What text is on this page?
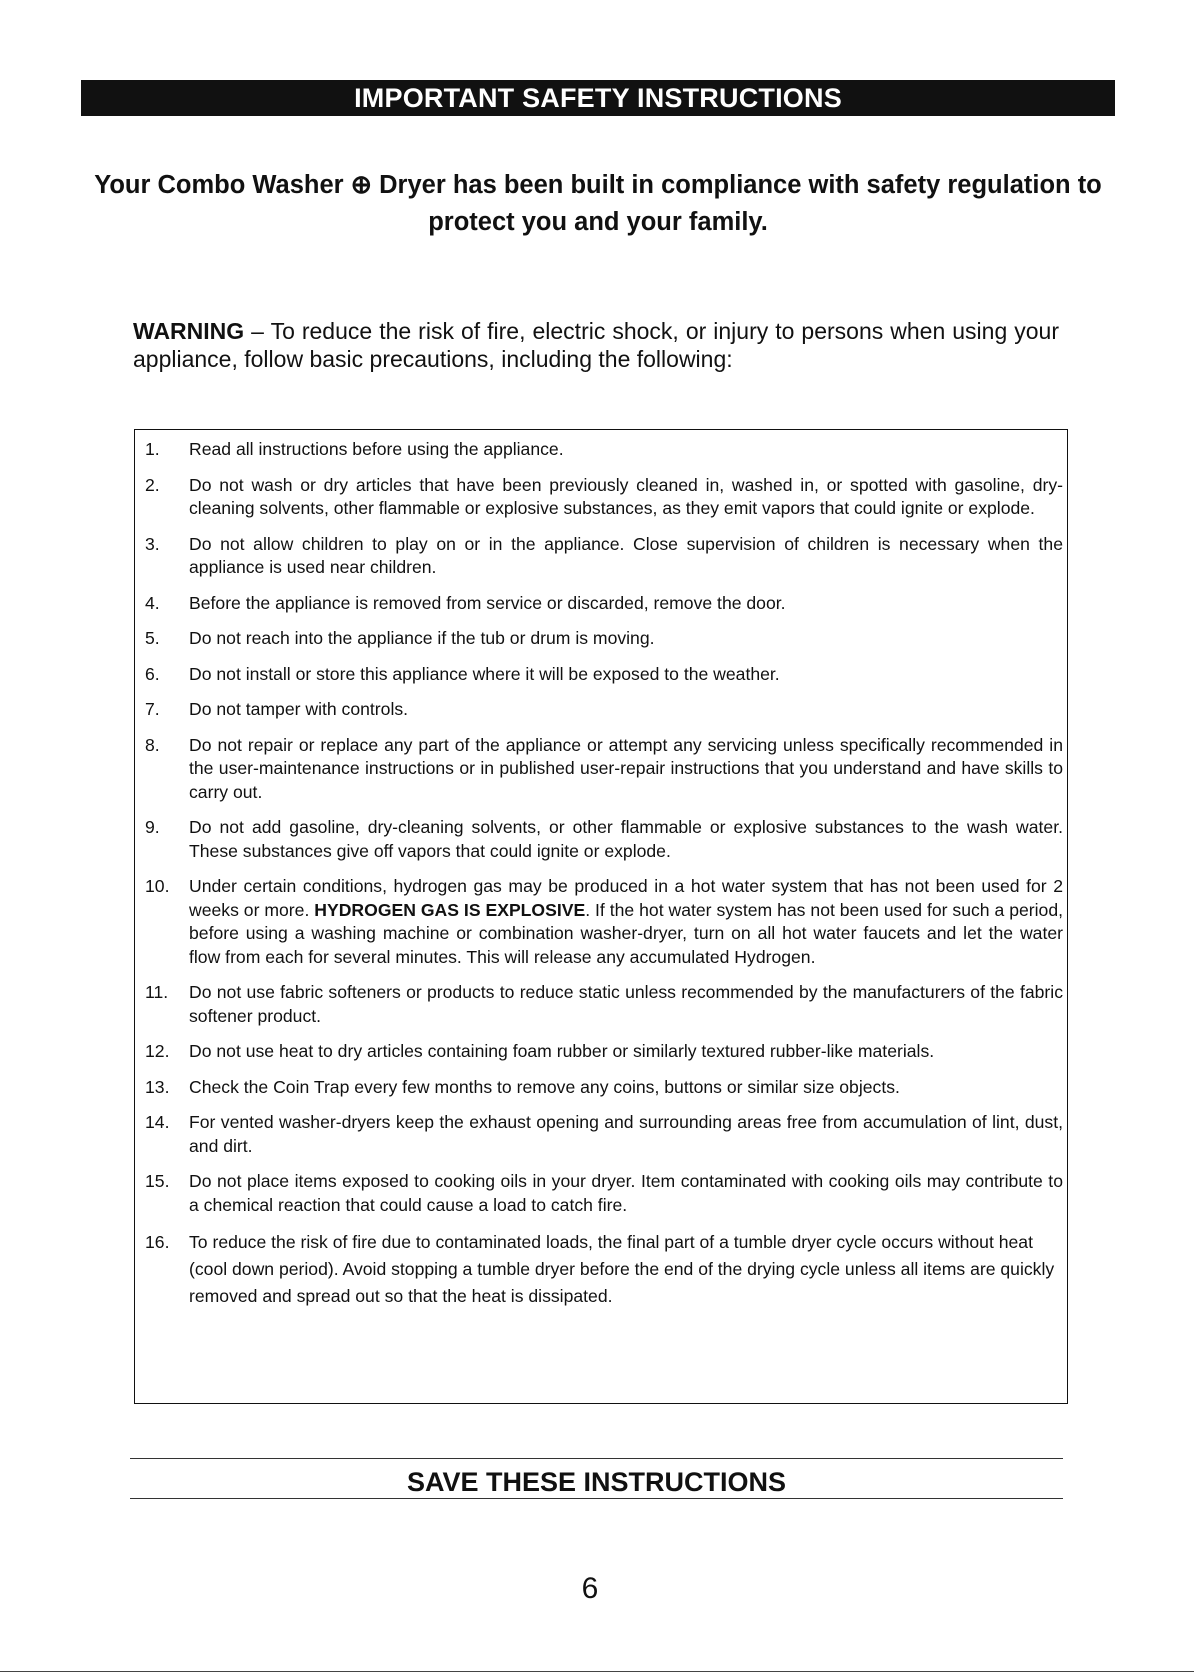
IMPORTANT SAFETY INSTRUCTIONS
Your Combo Washer ⊕ Dryer has been built in compliance with safety regulation to protect you and your family.
WARNING – To reduce the risk of fire, electric shock, or injury to persons when using your appliance, follow basic precautions, including the following:
1. Read all instructions before using the appliance.
2. Do not wash or dry articles that have been previously cleaned in, washed in, or spotted with gasoline, dry-cleaning solvents, other flammable or explosive substances, as they emit vapors that could ignite or explode.
3. Do not allow children to play on or in the appliance. Close supervision of children is necessary when the appliance is used near children.
4. Before the appliance is removed from service or discarded, remove the door.
5. Do not reach into the appliance if the tub or drum is moving.
6. Do not install or store this appliance where it will be exposed to the weather.
7. Do not tamper with controls.
8. Do not repair or replace any part of the appliance or attempt any servicing unless specifically recommended in the user-maintenance instructions or in published user-repair instructions that you understand and have skills to carry out.
9. Do not add gasoline, dry-cleaning solvents, or other flammable or explosive substances to the wash water. These substances give off vapors that could ignite or explode.
10. Under certain conditions, hydrogen gas may be produced in a hot water system that has not been used for 2 weeks or more. HYDROGEN GAS IS EXPLOSIVE. If the hot water system has not been used for such a period, before using a washing machine or combination washer-dryer, turn on all hot water faucets and let the water flow from each for several minutes. This will release any accumulated Hydrogen.
11. Do not use fabric softeners or products to reduce static unless recommended by the manufacturers of the fabric softener product.
12. Do not use heat to dry articles containing foam rubber or similarly textured rubber-like materials.
13. Check the Coin Trap every few months to remove any coins, buttons or similar size objects.
14. For vented washer-dryers keep the exhaust opening and surrounding areas free from accumulation of lint, dust, and dirt.
15. Do not place items exposed to cooking oils in your dryer. Item contaminated with cooking oils may contribute to a chemical reaction that could cause a load to catch fire.
16. To reduce the risk of fire due to contaminated loads, the final part of a tumble dryer cycle occurs without heat (cool down period). Avoid stopping a tumble dryer before the end of the drying cycle unless all items are quickly removed and spread out so that the heat is dissipated.
SAVE THESE INSTRUCTIONS
6
